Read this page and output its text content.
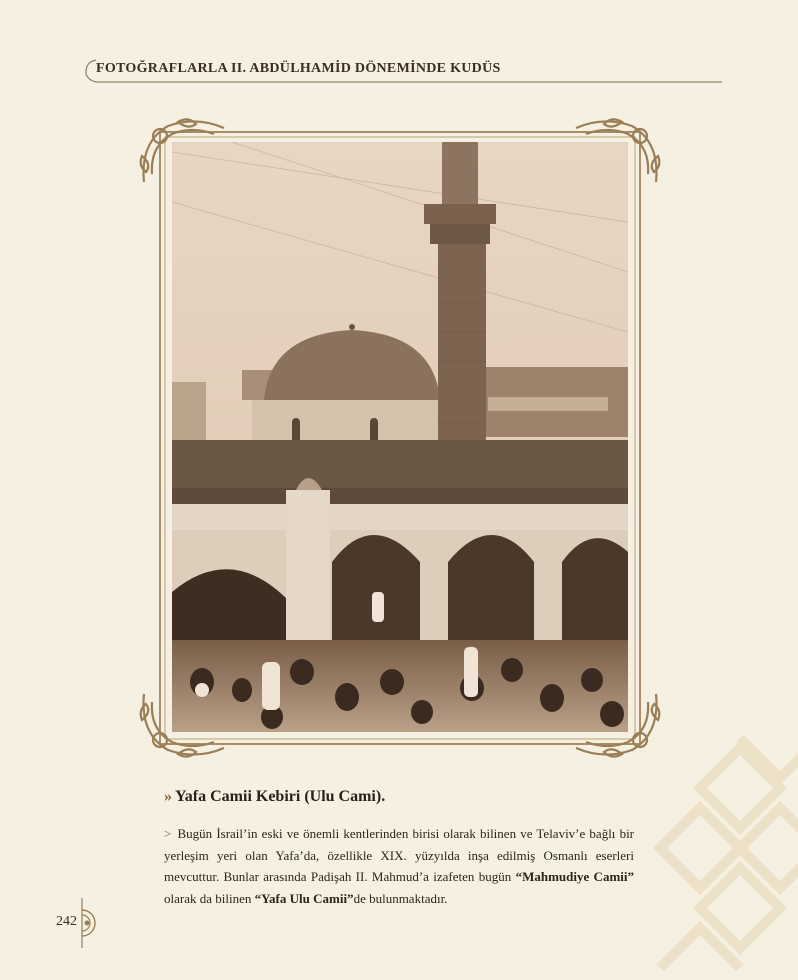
FOTOĞRAFLARLA II. ABDÜLHAMİD DÖNEMİNDE KUDÜS
» Yafa Camii Kebiri (Ulu Cami).
> Bugün İsrail’in eski ve önemli kentlerinden birisi olarak bilinen ve Telaviv’e bağlı bir yerleşim yeri olan Yafa’da, özellikle XIX. yüzyılda inşa edilmiş Osmanlı eserleri mevcuttur. Bunlar arasında Padişah II. Mahmud’a izafeten bugün “Mahmudiye Camii” olarak da bilinen “Yafa Ulu Camii”de bulunmaktadır.
242
